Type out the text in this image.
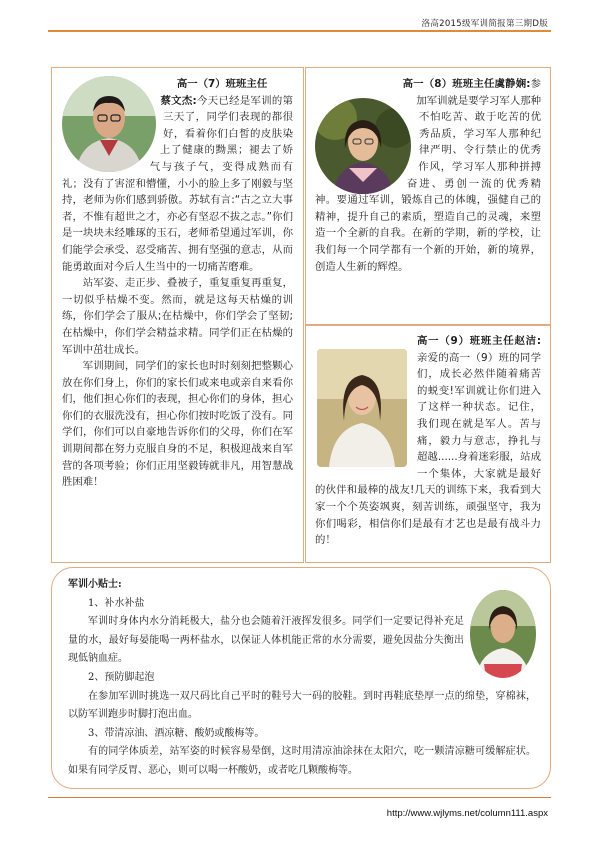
洛高2015级军训简报第三期D版
高一（7）班班主任

蔡文杰:今天已经是军训的第三天了，同学们表现的都很好，看着你们白皙的皮肤染上了健康的黝黑；褪去了娇气与孩子气，变得成熟而有礼；没有了害涩和懵懂，小小的脸上多了刚毅与坚持，老师为你们感到骄傲。苏轼有言:“古之立大事者，不惟有超世之才，亦必有坚忍不拔之志。”你们是一块块未经雕琢的玉石，老师希望通过军训，你们能学会承受、忍受痛苦、拥有坚强的意志，从而能勇敢面对今后人生当中的一切痛苦磨难。

站军姿、走正步、叠被子，重复重复再重复，一切似乎枯燥不变。然而，就是这每天枯燥的训练，你们学会了服从;在枯燥中，你们学会了坚韧;在枯燥中，你们学会精益求精。同学们正在枯燥的军训中茁壮成长。

军训期间，同学们的家长也时时刻刻把整颗心放在你们身上，你们的家长们或来电或亲自来看你们，他们担心你们的表现，担心你们的身体，担心你们的衣服洗没有，担心你们按时吃饭了没有。同学们，你们可以自豪地告诉你们的父母，你们在军训期间都在努力克服自身的不足，积极迎战来自军营的各项考验；你们正用坚毅铸就非凡，用智慧战胜困难！

高一（8）班班主任虞静娴:参加军训就是要学习军人那种不怕吃苦、敢于吃苦的优秀品质，学习军人那种纪律严明、令行禁止的优秀作风，学习军人那种拼搏奋进、勇创一流的优秀精神。要通过军训，锻炼自己的体魄，强健自己的精神，提升自己的素质，塑造自己的灵魂，来塑造一个全新的自我。在新的学期，新的学校，让我们每一个同学都有一个新的开始，新的境界，创造人生新的辉煌。

高一（9）班班主任赵洁:亲爱的高一（9）班的同学们，成长必然伴随着痛苦的蜕变!军训就让你们进入了这样一种状态。记住，我们现在就是军人。苦与痛，毅力与意志，挣扎与超越......身着迷彩服，站成一个集体，大家就是最好的伙伴和最棒的战友!几天的训练下来，我看到大家一个个英姿飒爽，刻苦训练，顽强坚守，我为你们喝彩，相信你们是最有才艺也是最有战斗力的！

军训小贴士:
1、补水补盐
军训时身体内水分消耗极大，盐分也会随着汗液挥发很多。同学们一定要记得补充足量的水，最好每晏能喝一两杯盐水，以保证人体机能正常的水分需要，避免因盐分失衡出现低钠血症。
2、预防脚起泡
在参加军训时挑选一双尺码比自己平时的鞋号大一码的胶鞋。到时再鞋底垫厚一点的绵垫，穿棉袜，以防军训跑步时脚打泡出血。
3、带清凉油、酒凉糖、酸奶或酸梅等。
有的同学体质差，站军姿的时候容易晕倒，这时用清凉油涂抹在太阳穴，吃一颗清凉糖可缓解症状。如果有同学反胃、恶心，则可以喝一杯酸奶，或者吃几颗酸梅等。
http://www.wjlyms.net/column111.aspx
